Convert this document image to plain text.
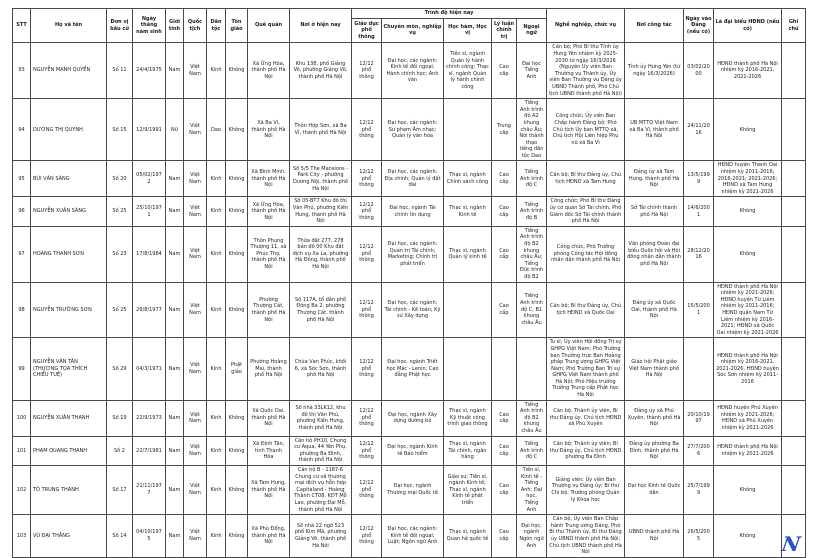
STT	Họ và tên	Đơn vị bầu cử	Ngày tháng năm sinh	Giới tính	Quốc tịch	Dân tộc	Tôn giáo	Quê quán	Nơi ở hiện nay	Trình độ hiện nay					Nghề nghiệp, chức vụ	Nơi công tác	Ngày vào Đảng (nếu có)	Là đại biểu HĐND (nếu có)	Ghi chú
										Giáo dục phổ thông	Chuyên môn, nghiệp vụ	Học hàm, Học vị	Lý luận chính trị	Ngoại ngữ					
93	NGUYỄN MẠNH QUYỀN	Số 11	24/4/1975	Nam	Việt Nam	Kinh	Không	Xã Ứng Hòa, thành phố Hà Nội	Khu 138, phố Giảng Võ, phường Giảng Võ, thành phố Hà Nội	12/12 phổ thông	Đại học, các ngành: Kinh tế đối ngoại; Hành chính học; Anh văn	Tiến sĩ, ngành Quản lý hành chính công; Thạc sĩ, ngành Quản lý hành chính công	Cao cấp	Đại học Tiếng Anh	Cán bộ; Phó Bí thư Tỉnh ủy Hưng Yên nhiệm kỳ 2025-2030 từ ngày 16/3/2026 (Nguyên Ủy viên Ban Thường vụ Thành ủy, Ủy viên Ban Thường vụ Đảng ủy UBND Thành phố, Phó Chủ tịch UBND thành phố Hà Nội)	Tỉnh ủy Hưng Yên (từ ngày 16/3/2026)	03/02/2000	HĐND thành phố Hà Nội nhiệm kỳ 2016-2021, 2021-2026	
94	DƯƠNG THỊ QUỲNH	Số 15	12/9/1991	Nữ	Việt Nam	Dao	Không	Xã Ba Vì, thành phố Hà Nội	Thôn Hợp Sơn, xã Ba Vì, thành phố Hà Nội	12/12 phổ thông	Đại học, các ngành: Sư phạm Âm nhạc; Quản lý văn hóa		Trung cấp	Tiếng Anh trình độ A2 khung châu Âu; Nói thành thạo tiếng dân tộc Dao	Công chức; Ủy viên Ban Chấp hành Đảng bộ; Phó Chủ tịch Ủy ban MTTQ xã, Chủ tịch Hội Liên hiệp Phụ nữ xã Ba Vì	UB MTTQ Việt Nam xã Ba Vì, thành phố Hà Nội	24/11/2016	Không	
95	BÙI VĂN SÁNG	Số 20	05/02/1972	Nam	Việt Nam	Kinh	Không	Xã Bình Minh, thành phố Hà Nội	Số 5/5 The Mansions - Park City - phường Dương Nội, thành phố Hà Nội	12/12 phổ thông	Đại học, các ngành: Địa chính; Quản lý đất đai	Thạc sĩ, ngành Chính sách công	Cao cấp	Tiếng Anh trình độ C	Cán bộ; Bí thư Đảng ủy, Chủ tịch HĐND xã Tam Hưng	Đảng ủy xã Tam Hưng, thành phố Hà Nội	13/5/1999	HĐND huyện Thanh Oai nhiệm kỳ 2011-2016; 2016-2021; 2021-2026; HĐND xã Tam Hưng nhiệm kỳ 2021-2026	
96	NGUYỄN XUÂN SÁNG	Số 25	25/10/1971	Nam	Việt Nam	Kinh	Không	Xã Ứng Hòa, thành phố Hà Nội	Số 05-BT7 Khu đô thị Văn Phú, phường Kiến Hưng, thành phố Hà Nội	12/12 phổ thông	Đại học, ngành Tài chính tín dụng	Thạc sĩ, ngành Kinh tế	Cao cấp	Tiếng Anh trình độ B	Công chức; Phó Bí thư Đảng ủy cơ quan Sở Tài chính, Phó Giám đốc Sở Tài chính thành phố Hà Nội	Sở Tài chính thành phố Hà Nội	14/6/2001	Không	
97	HOÀNG THANH SƠN	Số 23	17/8/1984	Nam	Việt Nam	Kinh	Không	Thôn Phụng Thượng 11, xã Phúc Thọ, thành phố Hà Nội	Thửa đất 277, 278 bản đồ 00 Khu đất dịch vụ Xa La, phường Hà Đông, thành phố Hà Nội	12/12 phổ thông	Đại học, các ngành: Quản trị Tài chính; Marketing; Chính trị phát triển	Thạc sĩ, ngành Quản lý kinh tế	Cao cấp	Tiếng Anh trình độ B2 khung châu Âu; Tiếng Đức trình độ B2	Công chức, Phó Trưởng phòng Công tác Hội đồng nhân dân thành phố Hà Nội	Văn phòng Đoàn đại biểu Quốc hội và Hội đồng nhân dân thành phố Hà Nội	28/12/2016	Không	
98	NGUYỄN TRƯỜNG SƠN	Số 25	26/8/1977	Nam	Việt Nam	Kinh	Không	Phường Thượng Cát, thành phố Hà Nội	Số 117A, tổ dân phố Đông Ba 2, phường Thượng Cát, thành phố Hà Nội	12/12 phổ thông	Đại học, các ngành: Tài chính - Kế toán; Kỹ sư Xây dựng		Cao cấp	Tiếng Anh trình độ C, B1 khung châu Âu	Cán bộ; Bí thư Đảng ủy, Chủ tịch HĐND xã Quốc Oai	Đảng ủy xã Quốc Oai, thành phố Hà Nội	15/5/2001	HĐND thành phố Hà Nội nhiệm kỳ 2021-2026; HĐND huyện Từ Liêm nhiệm kỳ 2011-2016; HĐND quận Nam Từ Liêm nhiệm kỳ 2016-2021; HĐND xã Quốc Oai nhiệm kỳ 2021-2026	
99	NGUYỄN VĂN TÂN (THƯỢNG TỌA THÍCH CHIẾU TUỆ)	Số 29	04/3/1971	Nam	Việt Nam	Kinh	Phật giáo	Phường Hoàng Mai, thành phố Hà Nội	Chùa Vạn Phúc, khối 6, xã Sóc Sơn, thành phố Hà Nội	12/12 phổ thông	Đại học, ngành Triết học Mác - Lenin; Cao đẳng Phật học				Tu sĩ; Ủy viên Hội đồng Trị sự GHPG Việt Nam; Phó Trưởng ban Thường trực Ban Hoằng pháp Trung ương GHPG Việt Nam; Phó Trưởng Ban Trị sự GHPG Việt Nam thành phố Hà Nội; Phó Hiệu trưởng Trường Trung cấp Phật học Hà Nội	Giáo hội Phật giáo Việt Nam thành phố Hà Nội		HĐND thành phố Hà Nội nhiệm kỳ 2016-2021, 2021-2026, HĐND huyện Sóc Sơn nhiệm kỳ 2011-2016	
100	NGUYỄN XUÂN THANH	Số 19	22/9/1973	Nam	Việt Nam	Kinh	Không	Xã Quốc Oai, thành phố Hà Nội	Số nhà 33LK12, khu đô thị Văn Phú, phường Kiến Hưng, thành phố Hà Nội	12/12 phổ thông	Đại học, ngành Xây dựng đường bộ	Thạc sĩ, ngành Kỹ thuật công trình giao thông	Cao cấp	Tiếng Anh trình độ B2 khung châu Âu	Cán bộ, Thành ủy viên, Bí thư Đảng ủy, Chủ tịch HĐND xã Phú Xuyên	Đảng ủy xã Phú Xuyên, thành phố Hà Nội	20/10/1997	HĐND huyện Phú Xuyên nhiệm kỳ 2021-2026; HĐND xã Phú Xuyên nhiệm kỳ 2021-2026	
101	PHẠM QUANG THANH	Số 2	22/7/1981	Nam	Việt Nam	Kinh	Không	Xã Định Tân, tỉnh Thanh Hóa	Căn hộ PH10, Chung cư Aqua, 44 Yên Phụ, phường Ba Đình, thành phố Hà Nội	12/12 phổ thông	Đại học, ngành Kinh tế Bảo hiểm	Thạc sĩ, ngành Tài chính, ngân hàng	Cao cấp	Tiếng Anh trình độ C	Cán bộ; Thành ủy viên; Bí thư Đảng ủy, Chủ tịch HĐND phường Ba Đình	Đảng ủy phường Ba Đình, thành phố Hà Nội	27/7/2006	HĐND thành phố Hà Nội nhiệm kỳ 2021-2026	
102	TÔ TRUNG THÀNH	Số 17	21/11/1977	Nam	Việt Nam	Kinh	Không	Xã Tam Hưng, thành phố Hà Nội	Căn hộ B - 1187-6 Chung cư và thương mại dịch vụ hỗn hợp Capitaland - Hoàng Thành CT08, KĐT Mỗ Lao, phường Đại Mỗ, thành phố Hà Nội	12/12 phổ thông	Đại học, ngành Thương mại Quốc tế	Giáo sư; Tiến sĩ, ngành Kinh tế; Thạc sĩ, ngành Kinh tế phát triển	Cao cấp	Tiến sĩ, Kinh tế - Tiếng Anh; Đại học, Tiếng Anh	Giảng viên; Ủy viên Ban Thường vụ Đảng ủy; Bí thư Chi bộ, Trưởng phòng Quản lý Khoa học	Đại học Kinh tế Quốc dân	25/7/1999	Không	
103	VŨ ĐẠI THẮNG	Số 14	04/10/1975	Nam	Việt Nam	Kinh	Không	Xã Phù Đổng, thành phố Hà Nội	Số nhà 22 ngõ 523 phố Kim Mã, phường Giảng Võ, thành phố Hà Nội	12/12 phổ thông	Đại học, các ngành: Kinh tế đối ngoại; Luật; Ngôn ngữ Anh	Thạc sĩ, ngành Quan hệ quốc tế	Cao cấp	Đại học, ngành Ngôn ngữ Anh	Cán bộ, Ủy viên Ban Chấp hành Trung ương Đảng, Phó Bí thư Thành ủy, Bí thư Đảng ủy UBND thành phố Hà Nội; Chủ tịch UBND thành phố Hà Nội	UBND thành phố Hà Nội	26/5/2005	Không	N
